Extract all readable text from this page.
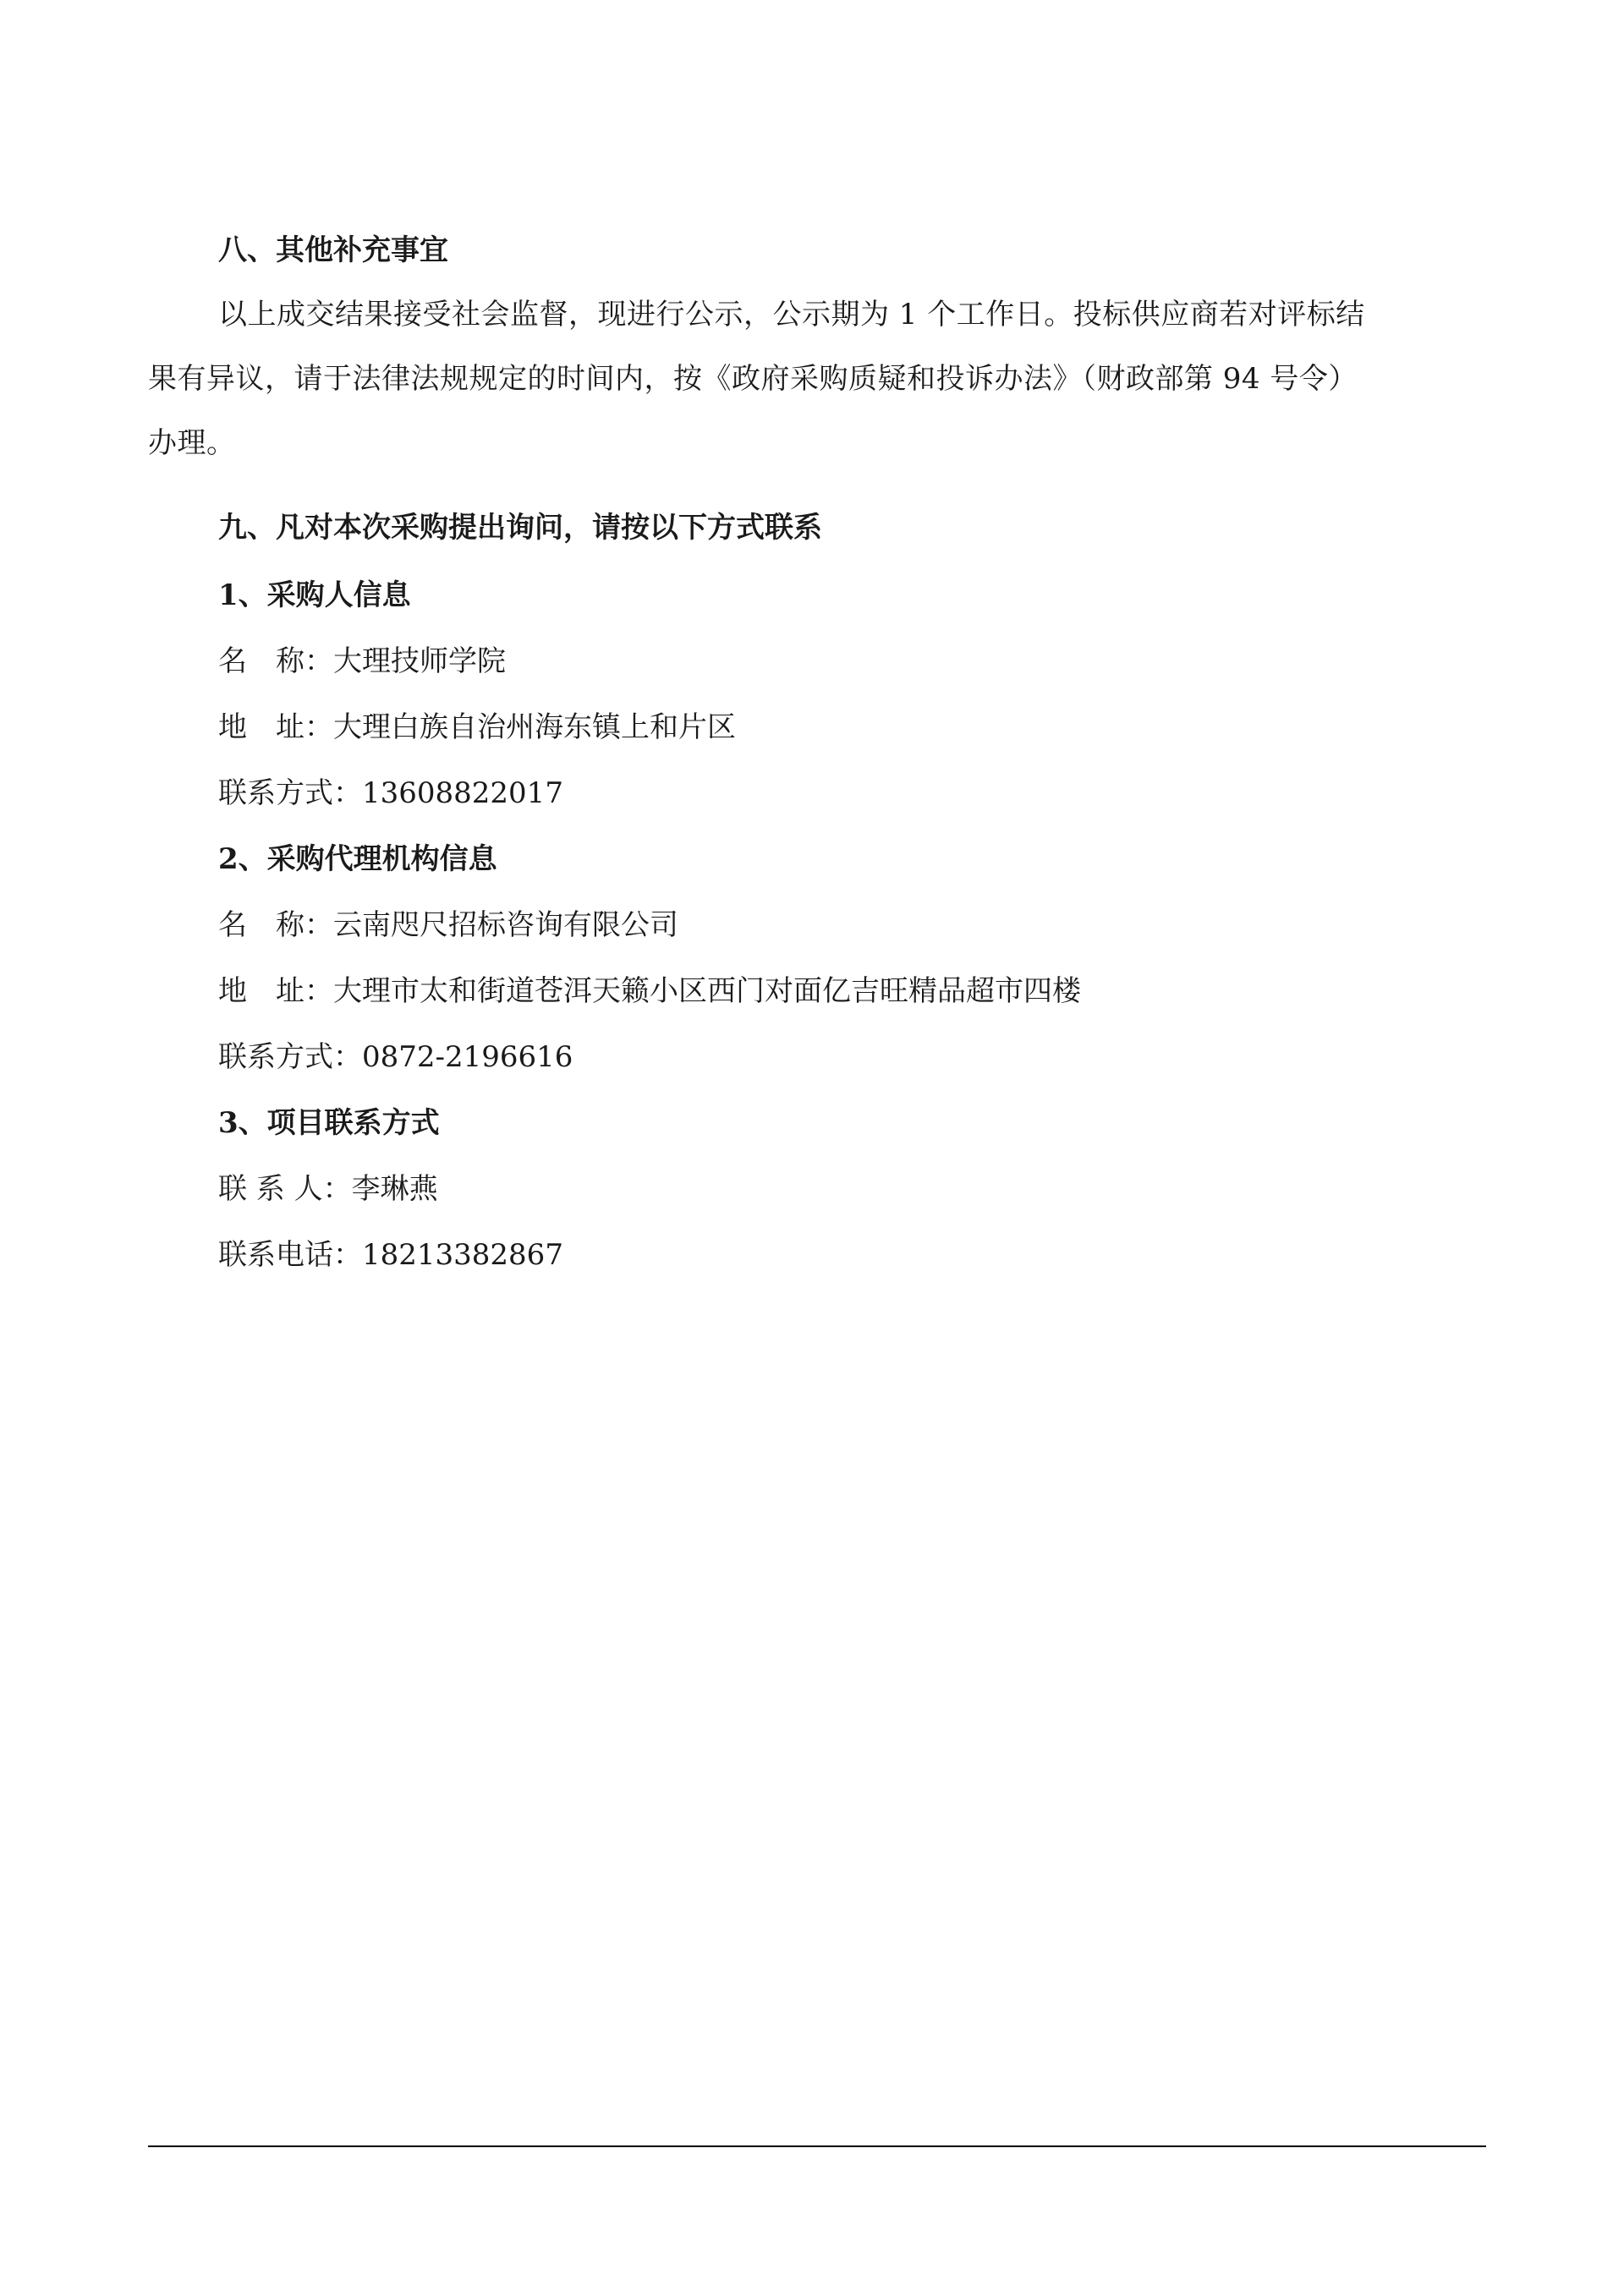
八、其他补充事宜
以上成交结果接受社会监督，现进行公示，公示期为 1 个工作日。投标供应商若对评标结
果有异议，请于法律法规规定的时间内，按《政府采购质疑和投诉办法》（财政部第 94 号令）
办理。
九、凡对本次采购提出询问，请按以下方式联系
1、采购人信息
名　称：大理技师学院
地　址：大理白族自治州海东镇上和片区
联系方式：13608822017
2、采购代理机构信息
名　称：云南咫尺招标咨询有限公司
地　址：大理市太和街道苍洱天籁小区西门对面亿吉旺精品超市四楼
联系方式：0872-2196616
3、项目联系方式
联 系 人：李琳燕
联系电话：18213382867
